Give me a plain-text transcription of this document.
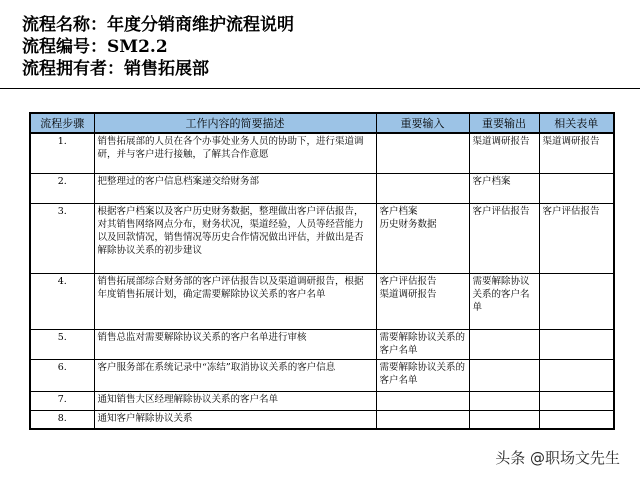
流程名称：年度分销商维护流程说明
流程编号：SM2.2
流程拥有者：销售拓展部
流程步骤	工作内容的简要描述	重要输入	重要输出	相关表单
1.	销售拓展部的人员在各个办事处业务人员的协助下，进行渠道调研，并与客户进行接触，了解其合作意愿		渠道调研报告	渠道调研报告
2.	把整理过的客户信息档案递交给财务部		客户档案	
3.	根据客户档案以及客户历史财务数据，整理做出客户评估报告，对其销售网络网点分布，财务状况，渠道经验，人员等经营能力以及回款情况，销售情况等历史合作情况做出评估，并做出是否解除协议关系的初步建议	客户档案
历史财务数据	客户评估报告	客户评估报告
4.	销售拓展部综合财务部的客户评估报告以及渠道调研报告，根据年度销售拓展计划，确定需要解除协议关系的客户名单	客户评估报告
渠道调研报告	需要解除协议关系的客户名单	
5.	销售总监对需要解除协议关系的客户名单进行审核	需要解除协议关系的客户名单		

6.	客户服务部在系统记录中“冻结”取消协议关系的客户信息	需要解除协议关系的客户名单		

7.	通知销售大区经理解除协议关系的客户名单	

8.	通知客户解除协议关系	

头条 @职场文先生
